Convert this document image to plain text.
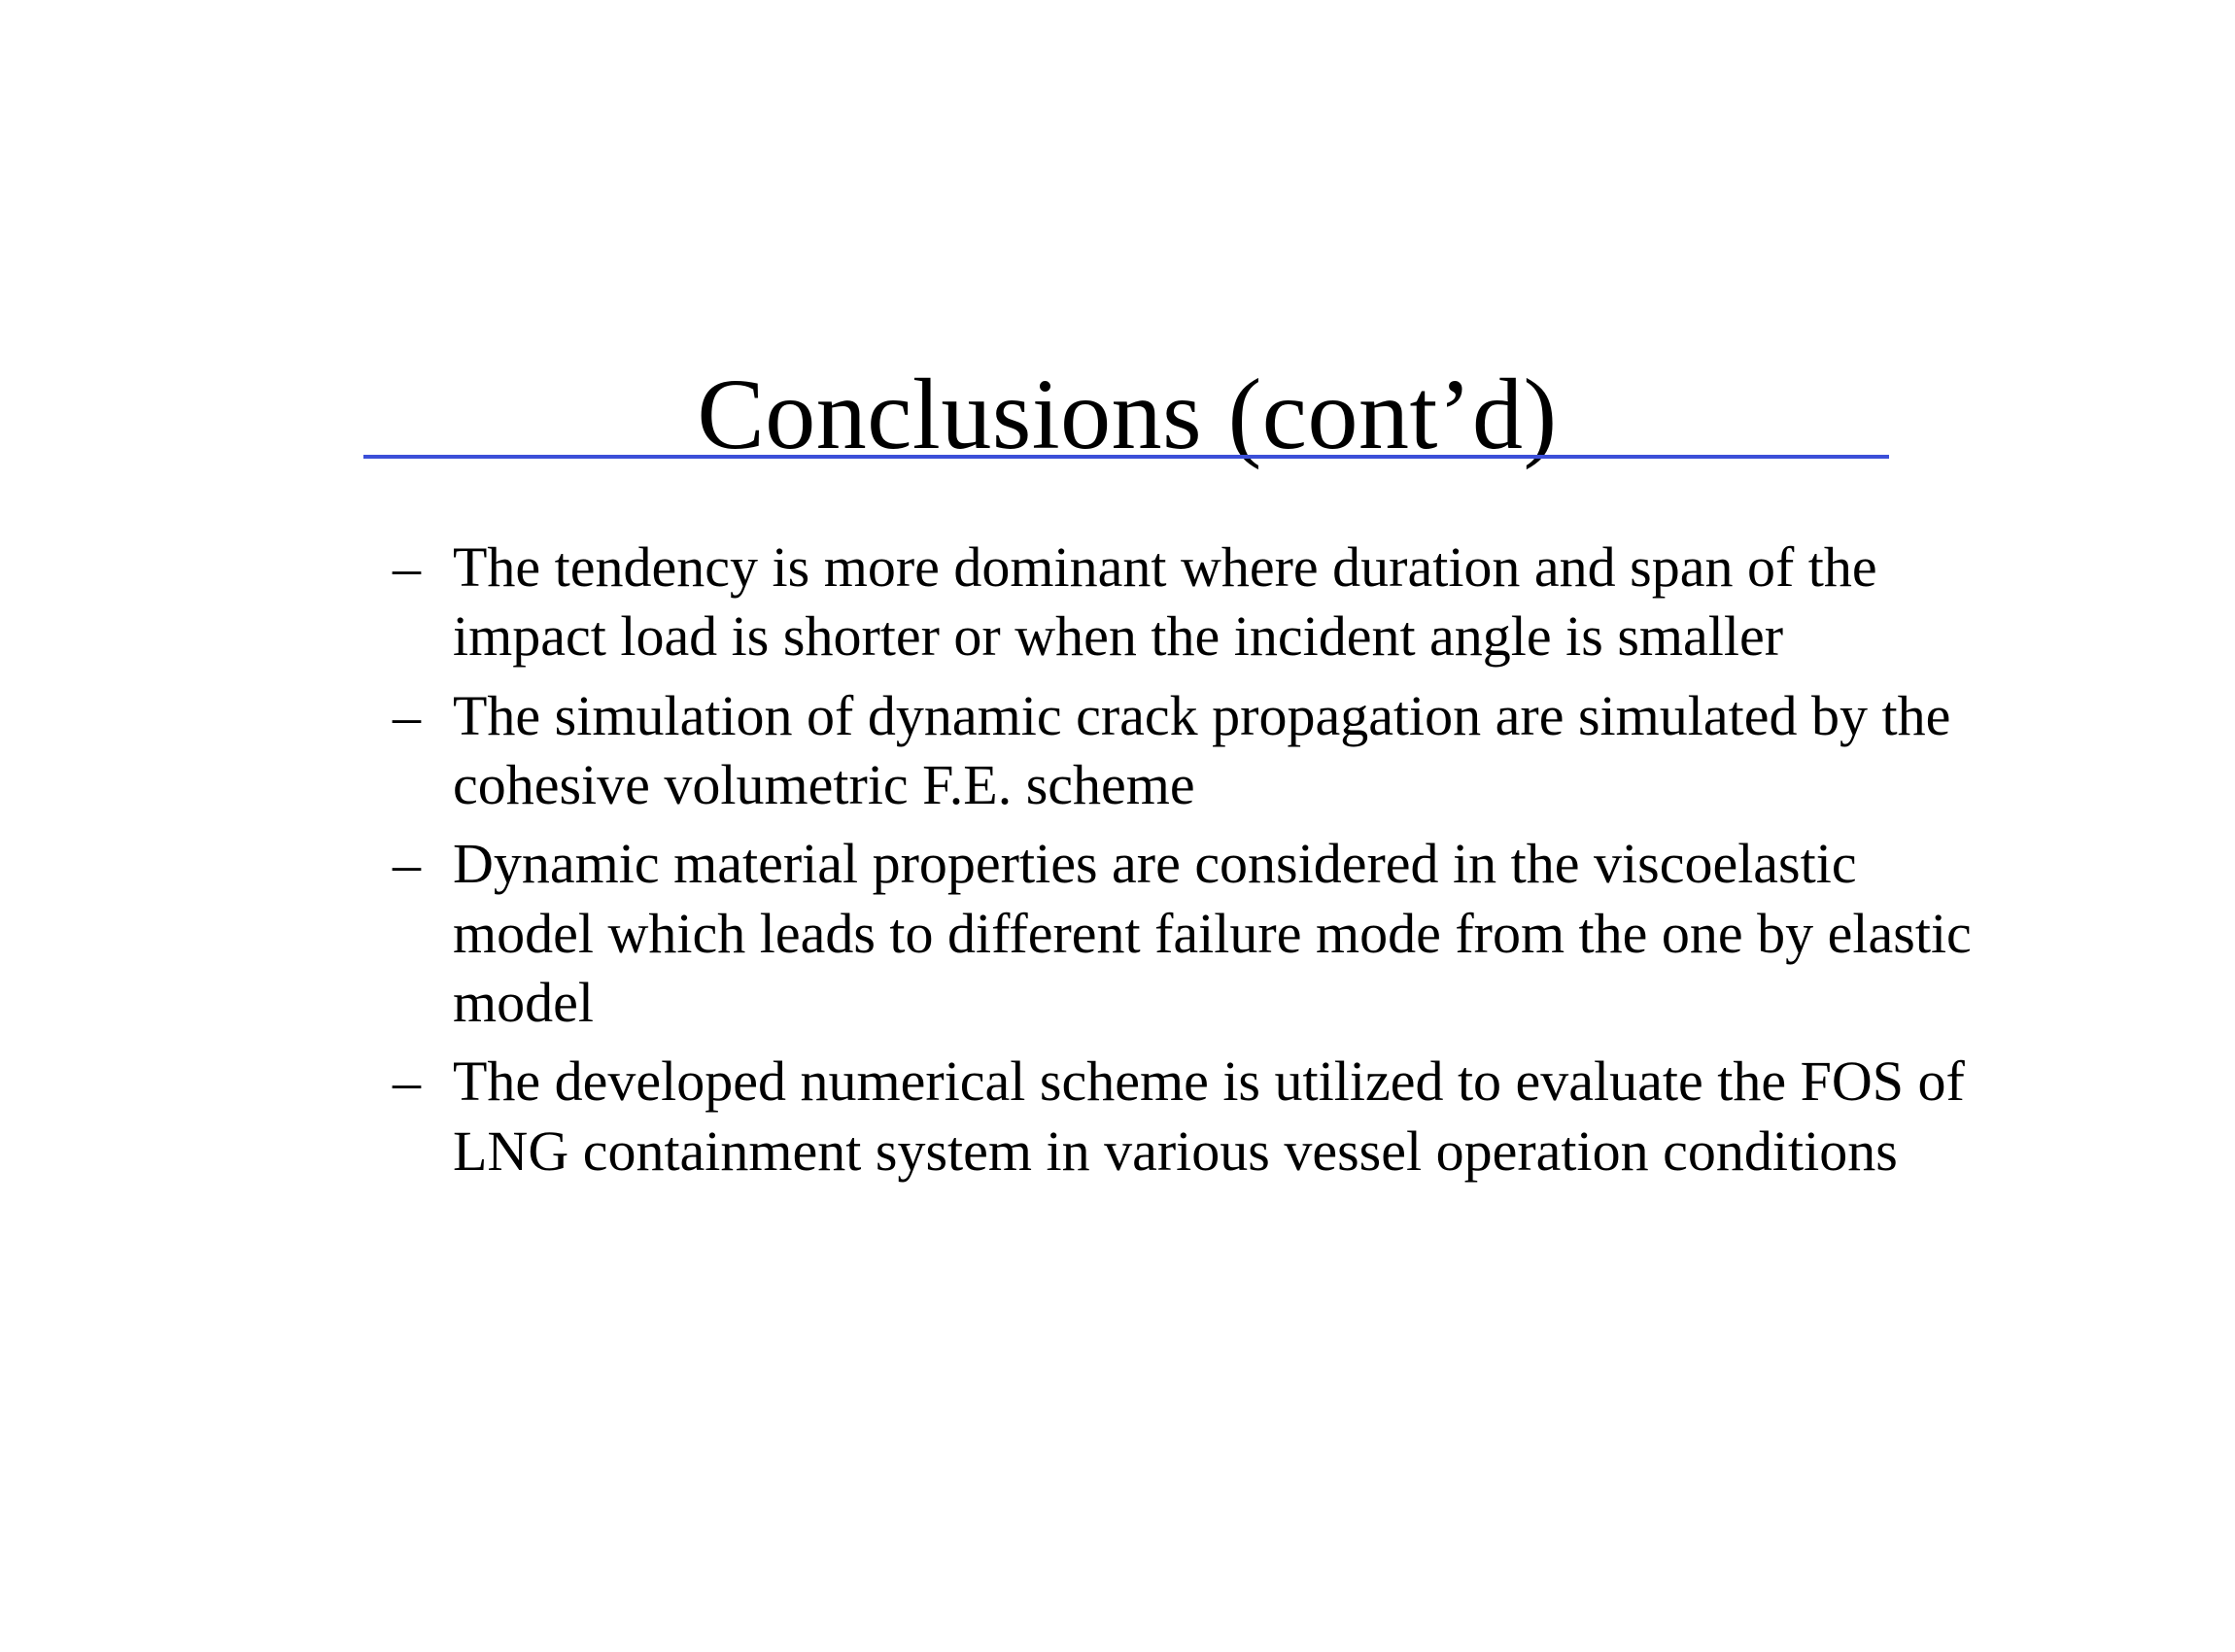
Conclusions (cont’d)
– The tendency is more dominant where duration and span of the impact load is shorter or when the incident angle is smaller
– The simulation of dynamic crack propagation are simulated by the cohesive volumetric F.E. scheme
– Dynamic material properties are considered in the viscoelastic model which leads to different failure mode from the one by elastic model
– The developed numerical scheme is utilized to evaluate the FOS of LNG containment system in various vessel operation conditions
